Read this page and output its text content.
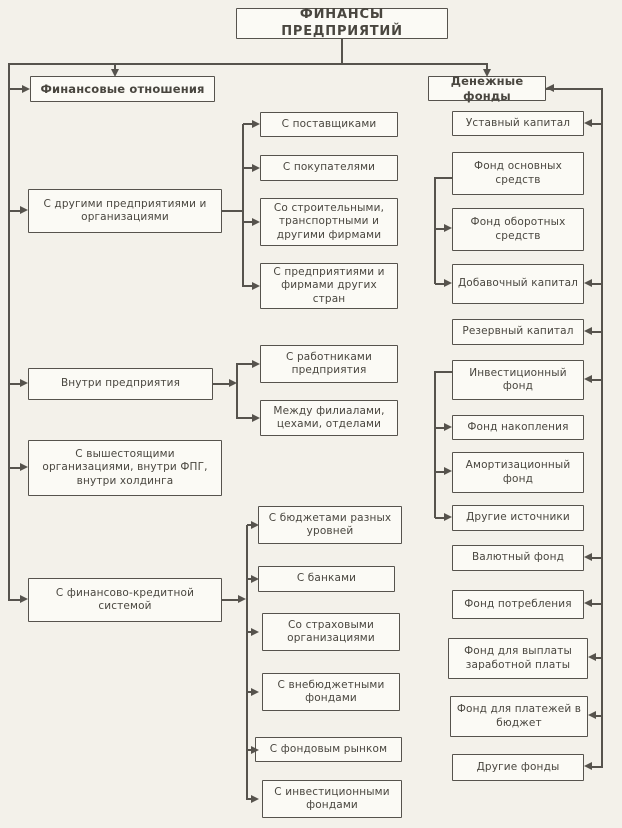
ФИНАНСЫ ПРЕДПРИЯТИЙ
Финансовые отношения
Денежные фонды
С другими предприятиями и организациями
Внутри предприятия
С вышестоящими организациями, внутри ФПГ, внутри холдинга
С финансово-кредитной системой
С поставщиками
С покупателями
Со строительными, транспортными и другими фирмами
С предприятиями и фирмами других стран
С работниками предприятия
Между филиалами, цехами, отделами
С бюджетами разных уровней
С банками
Со страховыми организациями
С внебюджетными фондами
С фондовым рынком
С инвестиционными фондами
Уставный капитал
Фонд основных средств
Фонд оборотных средств
Добавочный капитал
Резервный капитал
Инвестиционный фонд
Фонд накопления
Амортизационный фонд
Другие источники
Валютный фонд
Фонд потребления
Фонд для выплаты заработной платы
Фонд для платежей в бюджет
Другие фонды
